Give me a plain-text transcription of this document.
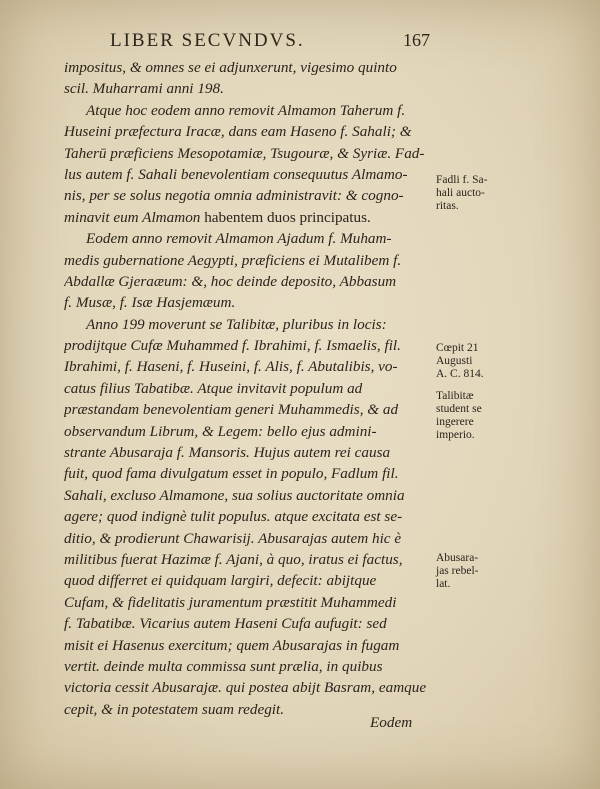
LIBER SECVNDVS.	167
impositus, & omnes se ei adjunxerunt, vigesimo quinto
scil. Muharrami anni 198.
Atque hoc eodem anno removit Almamon Taherum f.
Huseini præfectura Iracæ, dans eam Haseno f. Sahali; &
Taherū præficiens Mesopotamiæ, Tsugouræ, & Syriæ. Fad-
lus autem f. Sahali benevolentiam consequutus Almamo-
nis, per se solus negotia omnia administravit: & cogno-
minavit eum Almamon habentem duos principatus.
Eodem anno removit Almamon Ajadum f. Muham-
medis gubernatione Aegypti, præficiens ei Mutalibem f.
Abdallæ Gjeraæum: &, hoc deinde deposito, Abbasum
f. Musæ, f. Isæ Hasjemæum.
Anno 199 moverunt se Talibitæ, pluribus in locis:
prodijtque Cufæ Muhammed f. Ibrahimi, f. Ismaelis, fil.
Ibrahimi, f. Haseni, f. Huseini, f. Alis, f. Abutalibis, vo-
catus filius Tabatibæ. Atque invitavit populum ad
præstandam benevolentiam generi Muhammedis, & ad
observandum Librum, & Legem: bello ejus admini-
strante Abusaraja f. Mansoris. Hujus autem rei causa
fuit, quod fama divulgatum esset in populo, Fadlum fil.
Sahali, excluso Almamone, sua solius auctoritate omnia
agere; quod indignè tulit populus. atque excitata est se-
ditio, & prodierunt Chawarisij. Abusarajas autem hic è
militibus fuerat Hazimæ f. Ajani, à quo, iratus ei factus,
quod differret ei quidquam largiri, defecit: abijtque
Cufam, & fidelitatis juramentum præstitit Muhammedi
f. Tabatibæ. Vicarius autem Haseni Cufa aufugit: sed
misit ei Hasenus exercitum; quem Abusarajas in fugam
vertit. deinde multa commissa sunt prælia, in quibus
victoria cessit Abusarajæ. qui postea abijt Basram, eamque
cepit, & in potestatem suam redegit.
Eodem
Fadli f. Sa-
hali aucto-
ritas.
Cœpit 21
Augusti
A. C. 814.
Talibitæ
student se
ingerere
imperio.
Abusara-
jas rebel-
lat.
